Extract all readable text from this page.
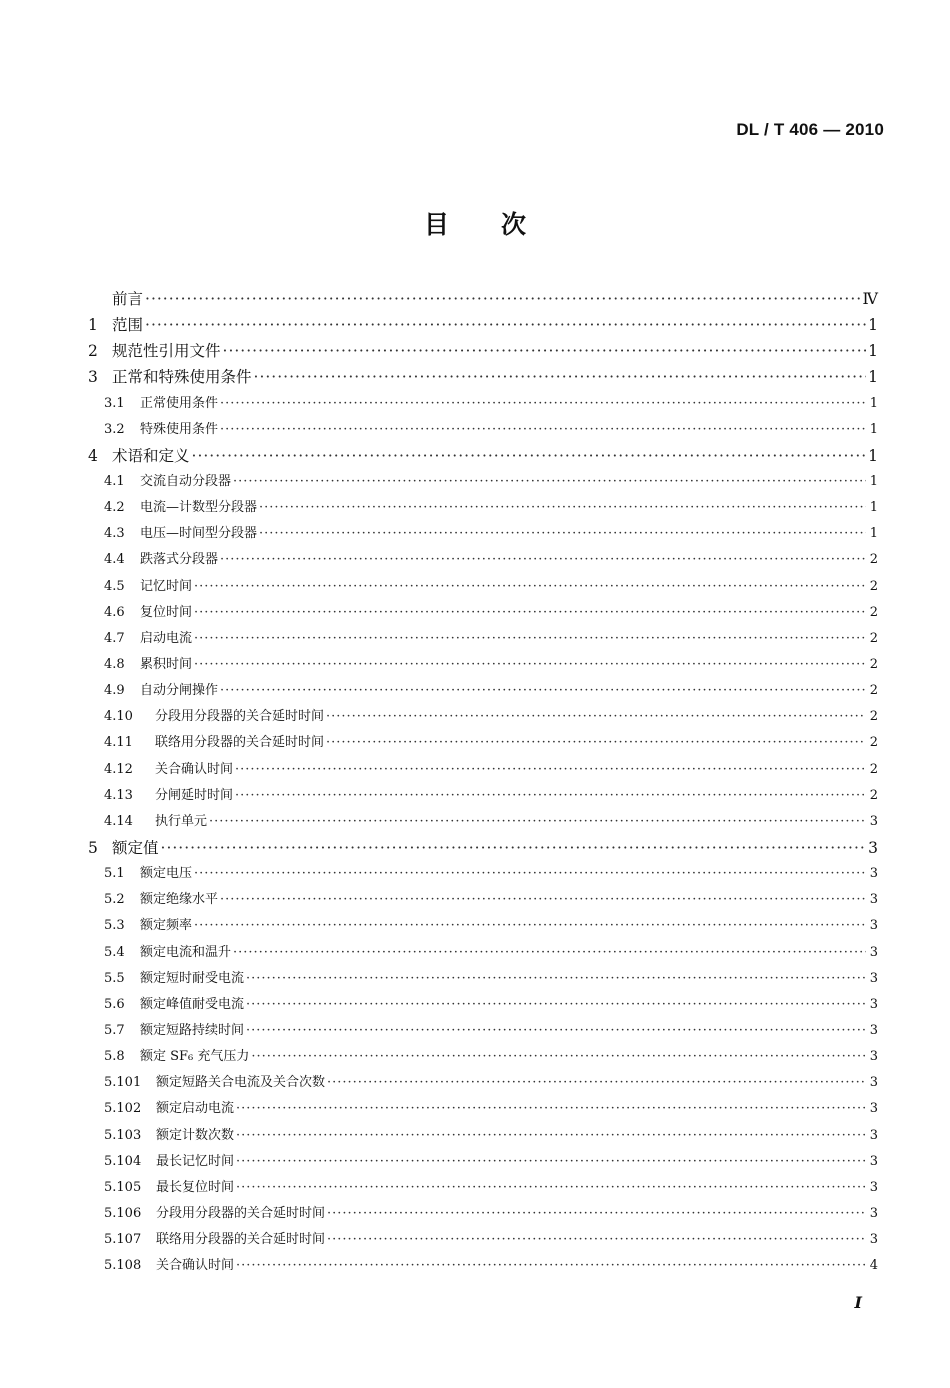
DL / T 406 — 2010
目次
前言 ·····	Ⅳ
1 范围 ·····	1
2 规范性引用文件 ·····	1
3 正常和特殊使用条件 ·····	1
3.1	正常使用条件 ·····	1
3.2	特殊使用条件 ·····	1
4 术语和定义 ·····	1
4.1	交流自动分段器 ·····	1
4.2	电流—计数型分段器 ·····	1
4.3	电压—时间型分段器 ·····	1
4.4	跌落式分段器 ·····	2
4.5	记忆时间 ·····	2
4.6	复位时间 ·····	2
4.7	启动电流 ·····	2
4.8	累积时间 ·····	2
4.9	自动分闸操作 ·····	2
4.10	分段用分段器的关合延时时间 ·····	2
4.11	联络用分段器的关合延时时间 ·····	2
4.12	关合确认时间 ·····	2
4.13	分闸延时时间 ·····	2
4.14	执行单元 ·····	3
5 额定值 ·····	3
5.1	额定电压 ·····	3
5.2	额定绝缘水平 ·····	3
5.3	额定频率 ·····	3
5.4	额定电流和温升 ·····	3
5.5	额定短时耐受电流 ·····	3
5.6	额定峰值耐受电流 ·····	3
5.7	额定短路持续时间 ·····	3
5.8	额定 SF₆ 充气压力 ·····	3
5.101	额定短路关合电流及关合次数 ·····	3
5.102	额定启动电流 ·····	3
5.103	额定计数次数 ·····	3
5.104	最长记忆时间 ·····	3
5.105	最长复位时间 ·····	3
5.106	分段用分段器的关合延时时间 ·····	3
5.107	联络用分段器的关合延时时间 ·····	3
5.108	关合确认时间 ·····	4
I
